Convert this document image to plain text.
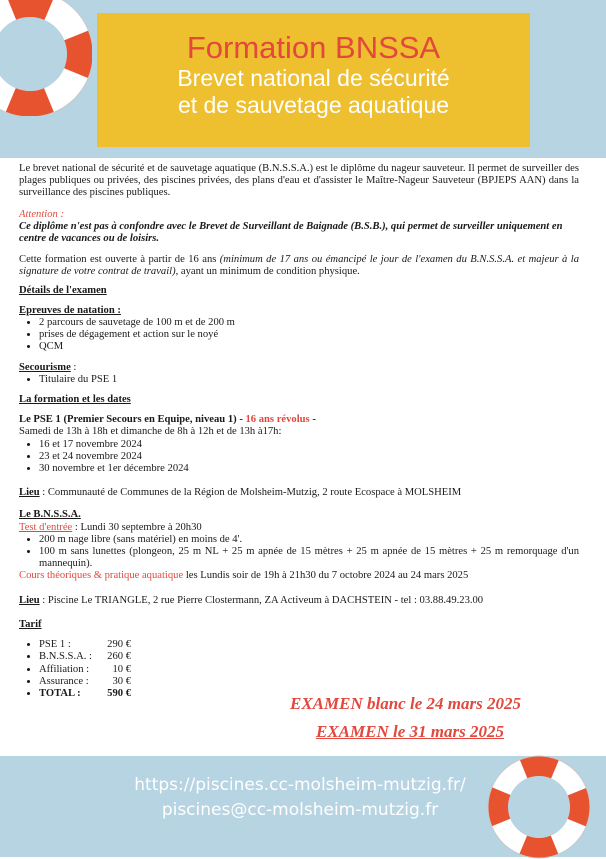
Formation BNSSA
Brevet national de sécurité
et de sauvetage aquatique

Le brevet national de sécurité et de sauvetage aquatique (B.N.S.S.A.) est le diplôme du nageur sauveteur. Il permet de surveiller des plages publiques ou privées, des piscines privées, des plans d'eau et d'assister le Maître-Nageur Sauveteur (BPJEPS AAN) dans la surveillance des piscines publiques.

Attention :

Ce diplôme n'est pas à confondre avec le Brevet de Surveillant de Baignade (B.S.B.), qui permet de surveiller uniquement en centre de vacances ou de loisirs.

Cette formation est ouverte à partir de 16 ans (minimum de 17 ans ou émancipé le jour de l'examen du B.N.S.S.A. et majeur à la signature de votre contrat de travail), ayant un minimum de condition physique.

Détails de l'examen

Epreuves de natation :

• 2 parcours de sauvetage de 100 m et de 200 m
• prises de dégagement et action sur le noyé
• QCM

Secourisme :

• Titulaire du PSE 1

La formation et les dates

Le PSE 1 (Premier Secours en Equipe, niveau 1) - 16 ans révolus -

Samedi de 13h à 18h et dimanche de 8h à 12h et de 13h à17h:

• 16 et 17 novembre 2024
• 23 et 24 novembre 2024
• 30 novembre et 1er décembre 2024

Lieu : Communauté de Communes de la Région de Molsheim-Mutzig, 2 route Ecospace à MOLSHEIM

Le B.N.S.S.A.

Test d'entrée : Lundi 30 septembre à 20h30

• 200 m nage libre (sans matériel) en moins de 4'.
• 100 m sans lunettes (plongeon, 25 m NL + 25 m apnée de 15 mètres + 25 m apnée de 15 mètres + 25 m remorquage d'un mannequin).

Cours théoriques & pratique aquatique les Lundis soir de 19h à 21h30 du 7 octobre 2024 au 24 mars 2025

Lieu : Piscine Le TRIANGLE, 2 rue Pierre Clostermann, ZA Activeum à DACHSTEIN - tel : 03.88.49.23.00

Tarif

• PSE 1 :	290 €
• B.N.S.S.A. : 260 €
• Affiliation : 10 €
• Assurance : 30 €
• TOTAL : 590 €
EXAMEN blanc le 24 mars 2025
EXAMEN le 31 mars 2025
https://piscines.cc-molsheim-mutzig.fr/
piscines@cc-molsheim-mutzig.fr
